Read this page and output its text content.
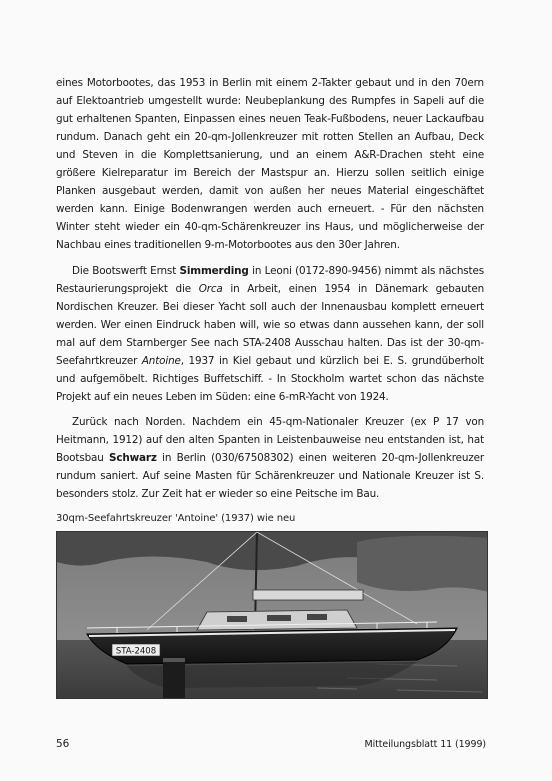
eines Motorbootes, das 1953 in Berlin mit einem 2-Takter gebaut und in den 70ern auf Elektoantrieb umgestellt wurde: Neubeplankung des Rumpfes in Sapeli auf die gut erhaltenen Spanten, Einpassen eines neuen Teak-Fußbodens, neuer Lackaufbau rundum. Danach geht ein 20-qm-Jollenkreuzer mit rotten Stellen an Aufbau, Deck und Steven in die Komplettsanierung, und an einem A&R-Drachen steht eine größere Kielreparatur im Bereich der Mastspur an. Hierzu sollen seitlich einige Planken ausgebaut werden, damit von außen her neues Material eingeschäftet werden kann. Einige Bodenwrangen werden auch erneuert. - Für den nächsten Winter steht wieder ein 40-qm-Schärenkreuzer ins Haus, und möglicherweise der Nachbau eines traditionellen 9-m-Motorbootes aus den 30er Jahren.

Die Bootswerft Ernst Simmerding in Leoni (0172-890-9456) nimmt als nächstes Restaurierungsprojekt die Orca in Arbeit, einen 1954 in Dänemark gebauten Nordischen Kreuzer. Bei dieser Yacht soll auch der Innenausbau komplett erneuert werden. Wer einen Eindruck haben will, wie so etwas dann aussehen kann, der soll mal auf dem Starnberger See nach STA-2408 Ausschau halten. Das ist der 30-qm-Seefahrtkreuzer Antoine, 1937 in Kiel gebaut und kürzlich bei E. S. grundüberholt und aufgemöbelt. Richtiges Buffetschiff. - In Stockholm wartet schon das nächste Projekt auf ein neues Leben im Süden: eine 6-mR-Yacht von 1924.

Zurück nach Norden. Nachdem ein 45-qm-Nationaler Kreuzer (ex P 17 von Heitmann, 1912) auf den alten Spanten in Leistenbauweise neu entstanden ist, hat Bootsbau Schwarz in Berlin (030/67508302) einen weiteren 20-qm-Jollenkreuzer rundum saniert. Auf seine Masten für Schärenkreuzer und Nationale Kreuzer ist S. besonders stolz. Zur Zeit hat er wieder so eine Peitsche im Bau.

30qm-Seefahrtskreuzer 'Antoine' (1937) wie neu
STA-2408
56	Mitteilungsblatt 11 (1999)
